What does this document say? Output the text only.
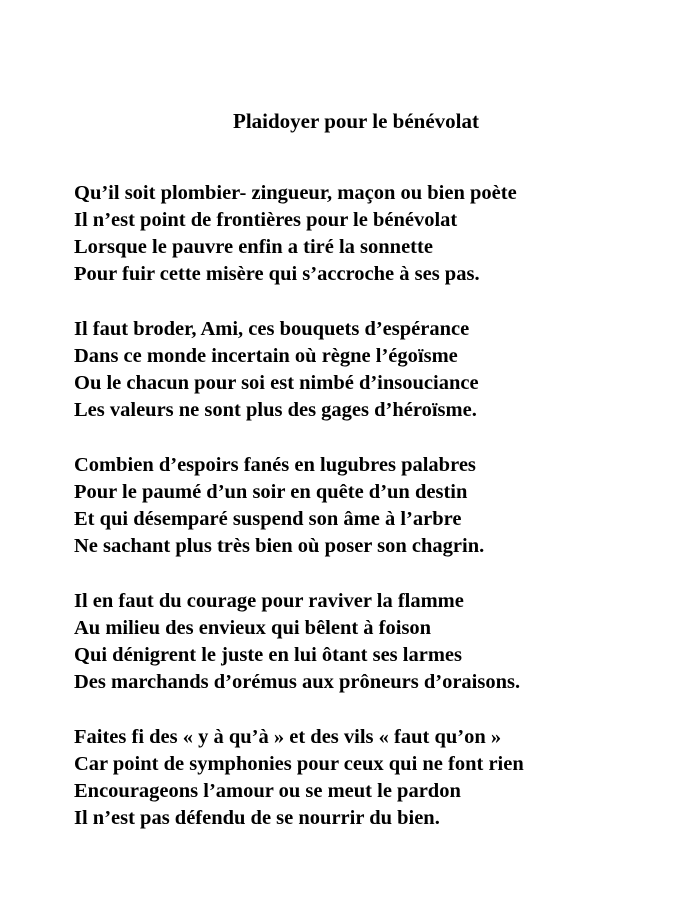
Plaidoyer pour le bénévolat
Qu’il soit plombier- zingueur, maçon ou bien poète
Il n’est point de frontières pour le bénévolat
Lorsque le pauvre enfin a tiré la sonnette
Pour fuir cette misère qui s’accroche à ses pas.
Il faut broder, Ami, ces bouquets d’espérance
Dans ce monde incertain où règne l’égoïsme
Ou le chacun pour soi est nimbé d’insouciance
Les valeurs ne sont plus des gages d’héroïsme.
Combien d’espoirs fanés en lugubres palabres
Pour le paumé d’un soir en quête d’un destin
Et qui désemparé suspend son âme à l’arbre
Ne sachant plus très bien où poser son chagrin.
Il en faut du courage pour raviver la flamme
Au milieu des envieux qui bêlent à foison
Qui dénigrent le juste en lui ôtant ses larmes
Des marchands d’orémus aux prôneurs d’oraisons.
Faites fi des « y à qu’à » et des vils « faut qu’on »
Car point de symphonies pour ceux qui ne font rien
Encourageons l’amour ou se meut le pardon
Il n’est pas défendu de se nourrir du bien.
